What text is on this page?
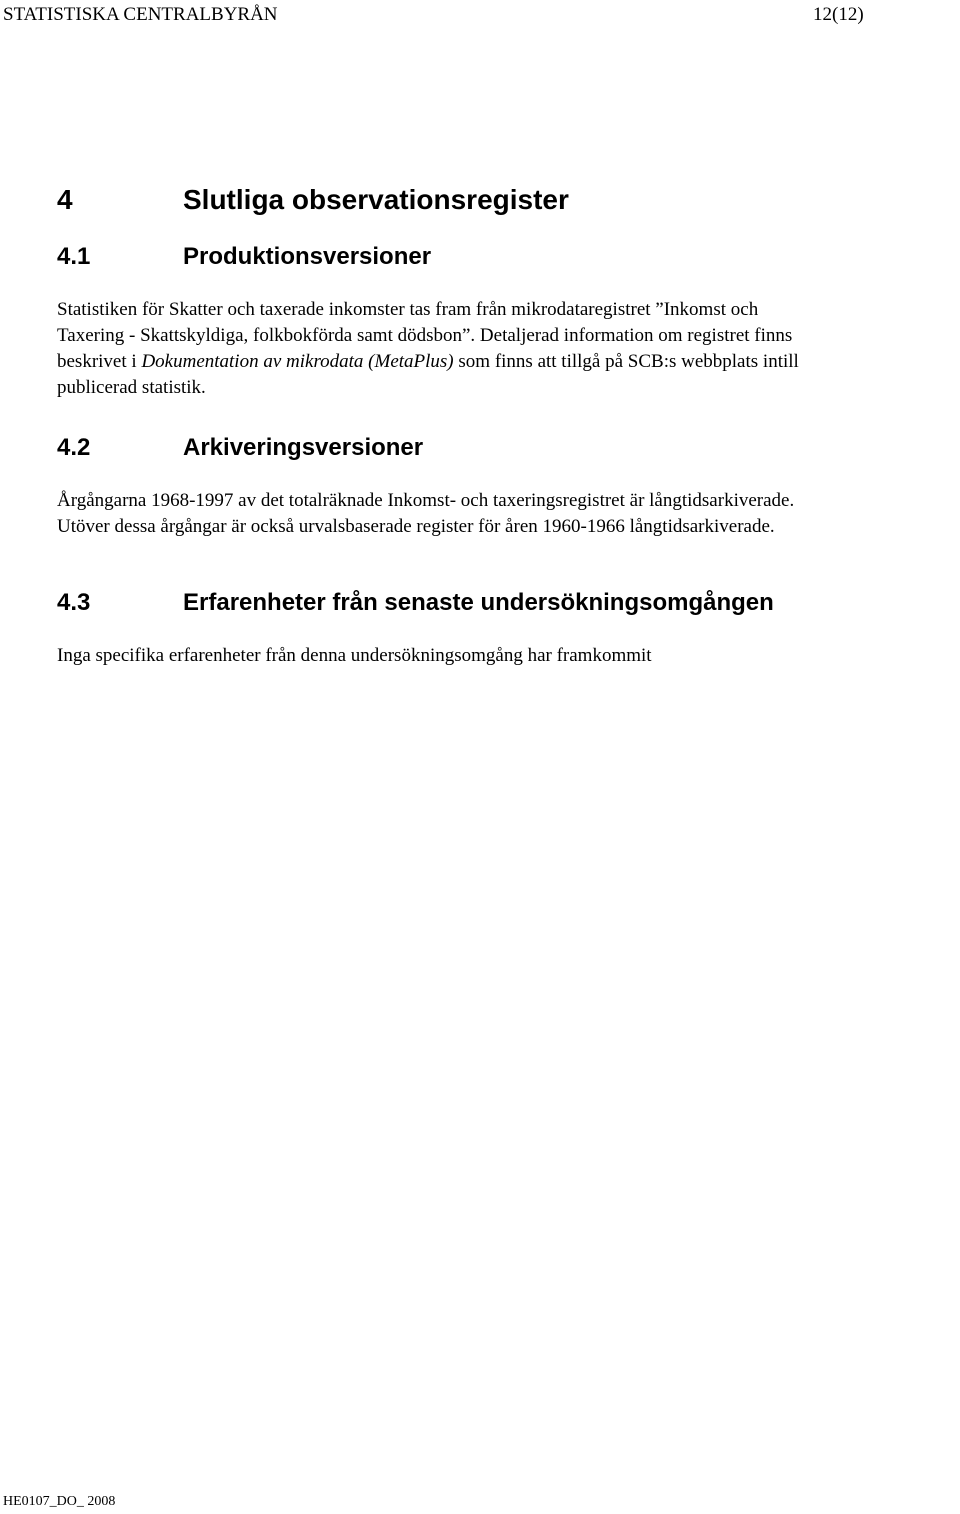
STATISTISKA CENTRALBYRÅN	12(12)
4	Slutliga observationsregister
4.1	Produktionsversioner
Statistiken för Skatter och taxerade inkomster tas fram från mikrodataregistret ”Inkomst och
Taxering - Skattskyldiga, folkbokförda samt dödsbon”. Detaljerad information om registret finns
beskrivet i Dokumentation av mikrodata (MetaPlus) som finns att tillgå på SCB:s webbplats intill
publicerad statistik.
4.2	Arkiveringsversioner
Årgångarna 1968-1997 av det totalräknade Inkomst- och taxeringsregistret är långtidsarkiverade.
Utöver dessa årgångar är också urvalsbaserade register för åren 1960-1966 långtidsarkiverade.
4.3	Erfarenheter från senaste undersökningsomgången
Inga specifika erfarenheter från denna undersökningsomgång har framkommit
HE0107_DO_ 2008
